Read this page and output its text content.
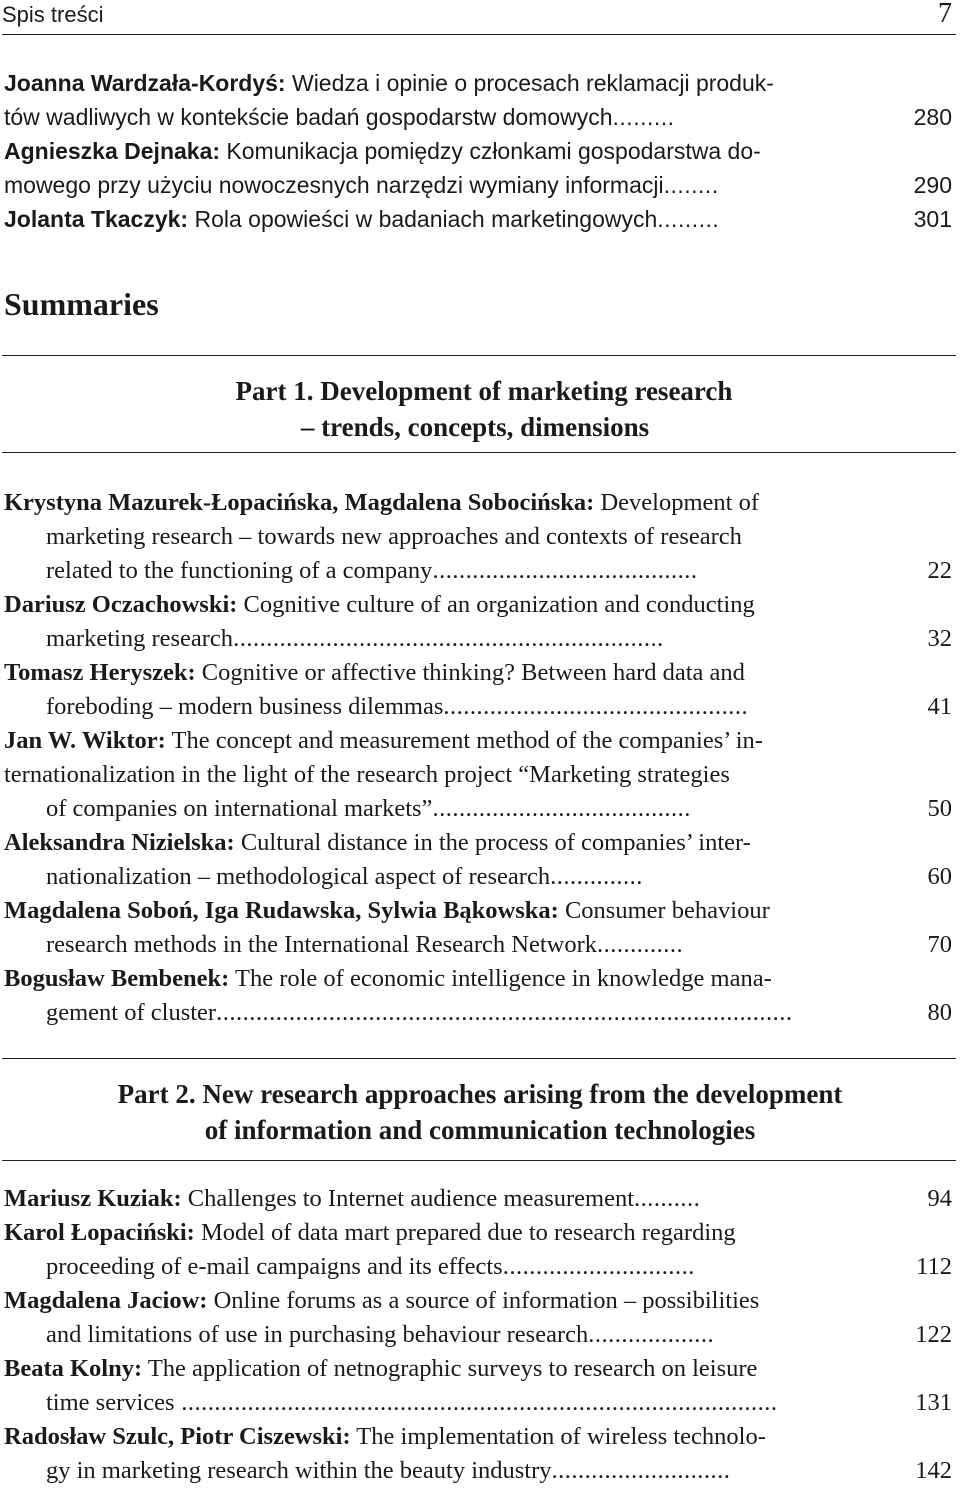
Spis treści	7
Joanna Wardzała-Kordyś: Wiedza i opinie o procesach reklamacji produk-
tów wadliwych w kontekście badań gospodarstw domowych.........	280
Agnieszka Dejnaka: Komunikacja pomiędzy członkami gospodarstwa do-
mowego przy użyciu nowoczesnych narzędzi wymiany informacji........	290
Jolanta Tkaczyk: Rola opowieści w badaniach marketingowych.........	301
Summaries
Part 1. Development of marketing research
– trends, concepts, dimensions
Krystyna Mazurek-Łopacińska, Magdalena Sobocińska: Development of
marketing research – towards new approaches and contexts of research
related to the functioning of a company........................................	22
Dariusz Oczachowski: Cognitive culture of an organization and conducting
marketing research.................................................................	32
Tomasz Heryszek: Cognitive or affective thinking? Between hard data and
foreboding – modern business dilemmas..............................................	41
Jan W. Wiktor: The concept and measurement method of the companies’ in-
ternationalization in the light of the research project “Marketing strategies
of companies on international markets”.......................................	50
Aleksandra Nizielska: Cultural distance in the process of companies’ inter-
nationalization – methodological aspect of research..............	60
Magdalena Soboń, Iga Rudawska, Sylwia Bąkowska: Consumer behaviour
research methods in the International Research Network.............	70
Bogusław Bembenek: The role of economic intelligence in knowledge mana-
gement of cluster.......................................................................................	80
Part 2. New research approaches arising from the development
of information and communication technologies
Mariusz Kuziak: Challenges to Internet audience measurement..........	94
Karol Łopaciński: Model of data mart prepared due to research regarding
proceeding of e-mail campaigns and its effects.............................	112
Magdalena Jaciow: Online forums as a source of information – possibilities
and limitations of use in purchasing behaviour research...................	122
Beata Kolny: The application of netnographic surveys to research on leisure
time services ..........................................................................................	131
Radosław Szulc, Piotr Ciszewski: The implementation of wireless technolo-
gy in marketing research within the beauty industry...........................	142
